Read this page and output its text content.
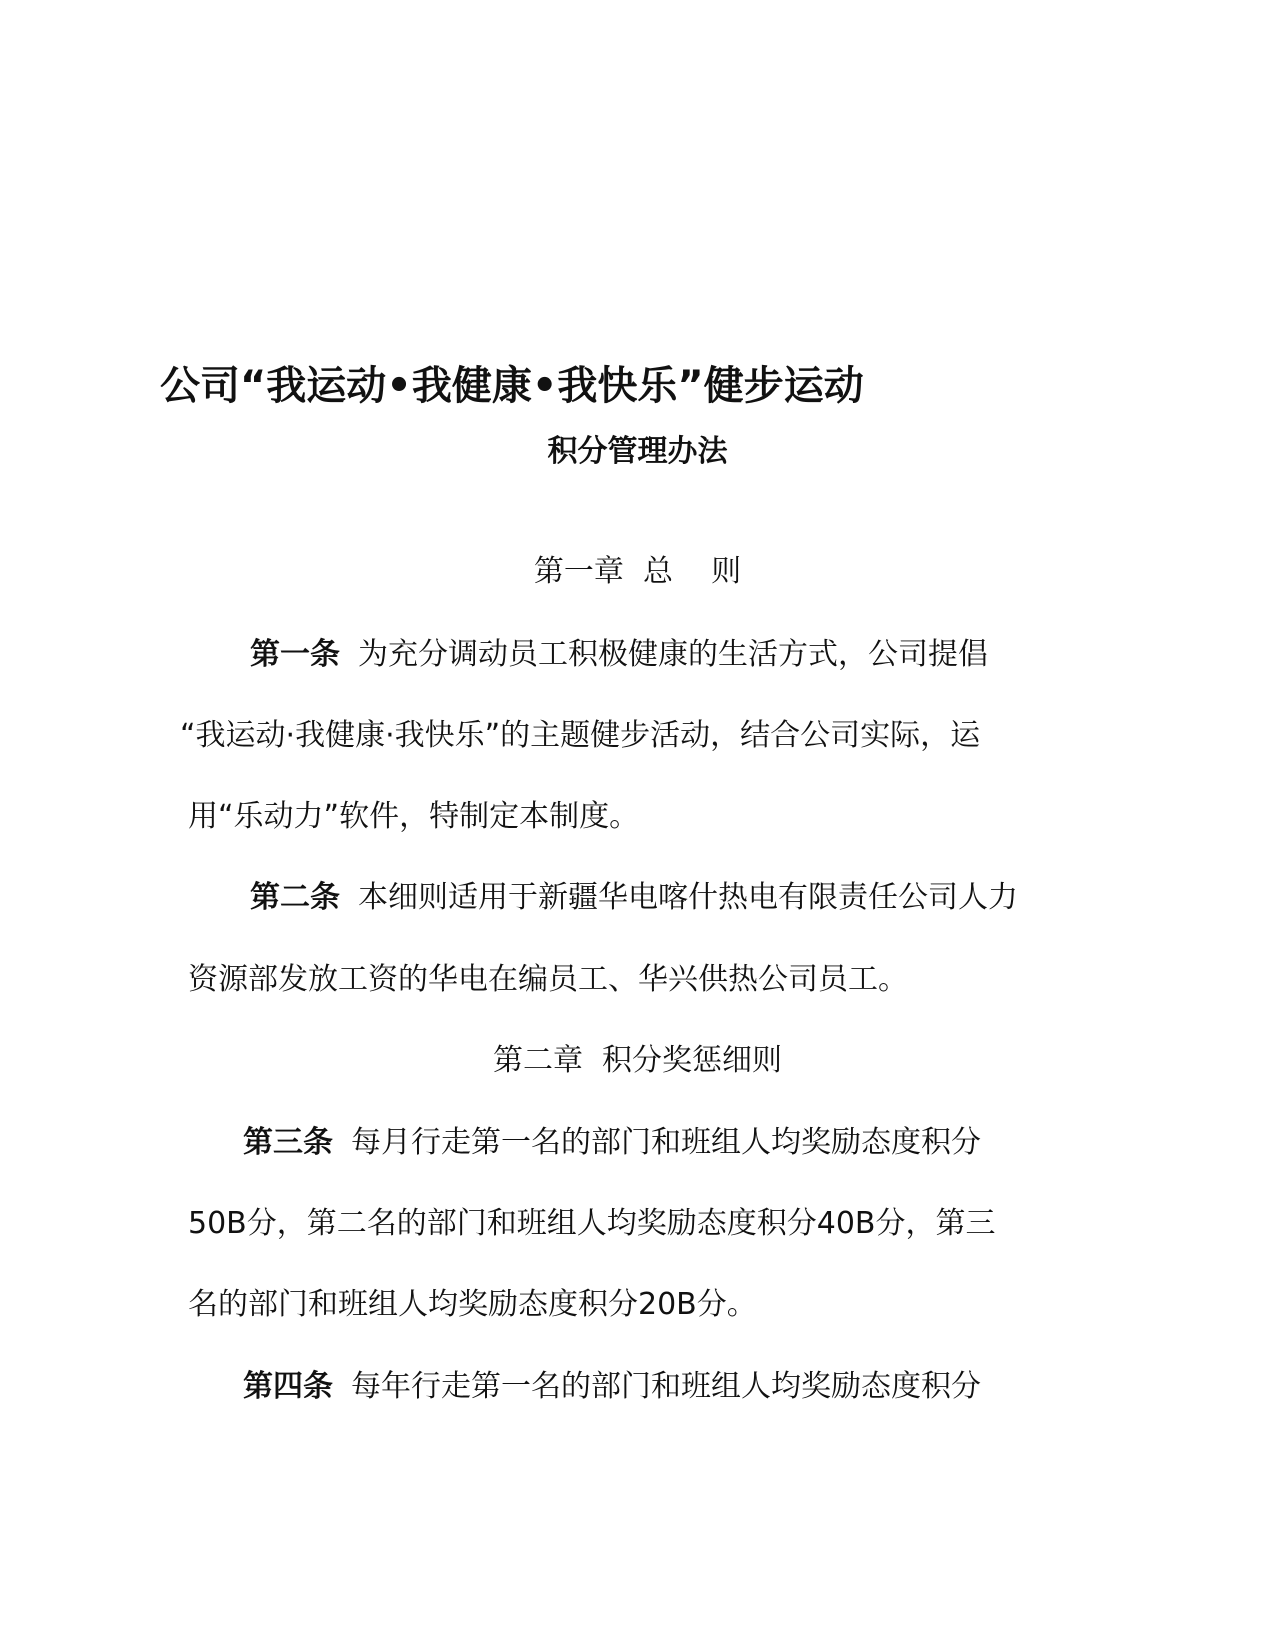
公司“我运动•我健康•我快乐”健步运动
积分管理办法
第一章  总    则
第一条 为充分调动员工积极健康的生活方式，公司提倡
“我运动·我健康·我快乐”的主题健步活动，结合公司实际，运
用“乐动力”软件，特制定本制度。
第二条 本细则适用于新疆华电喀什热电有限责任公司人力
资源部发放工资的华电在编员工、华兴供热公司员工。
第二章  积分奖惩细则
第三条 每月行走第一名的部门和班组人均奖励态度积分
50B分，第二名的部门和班组人均奖励态度积分40B分，第三
名的部门和班组人均奖励态度积分20B分。
第四条 每年行走第一名的部门和班组人均奖励态度积分
